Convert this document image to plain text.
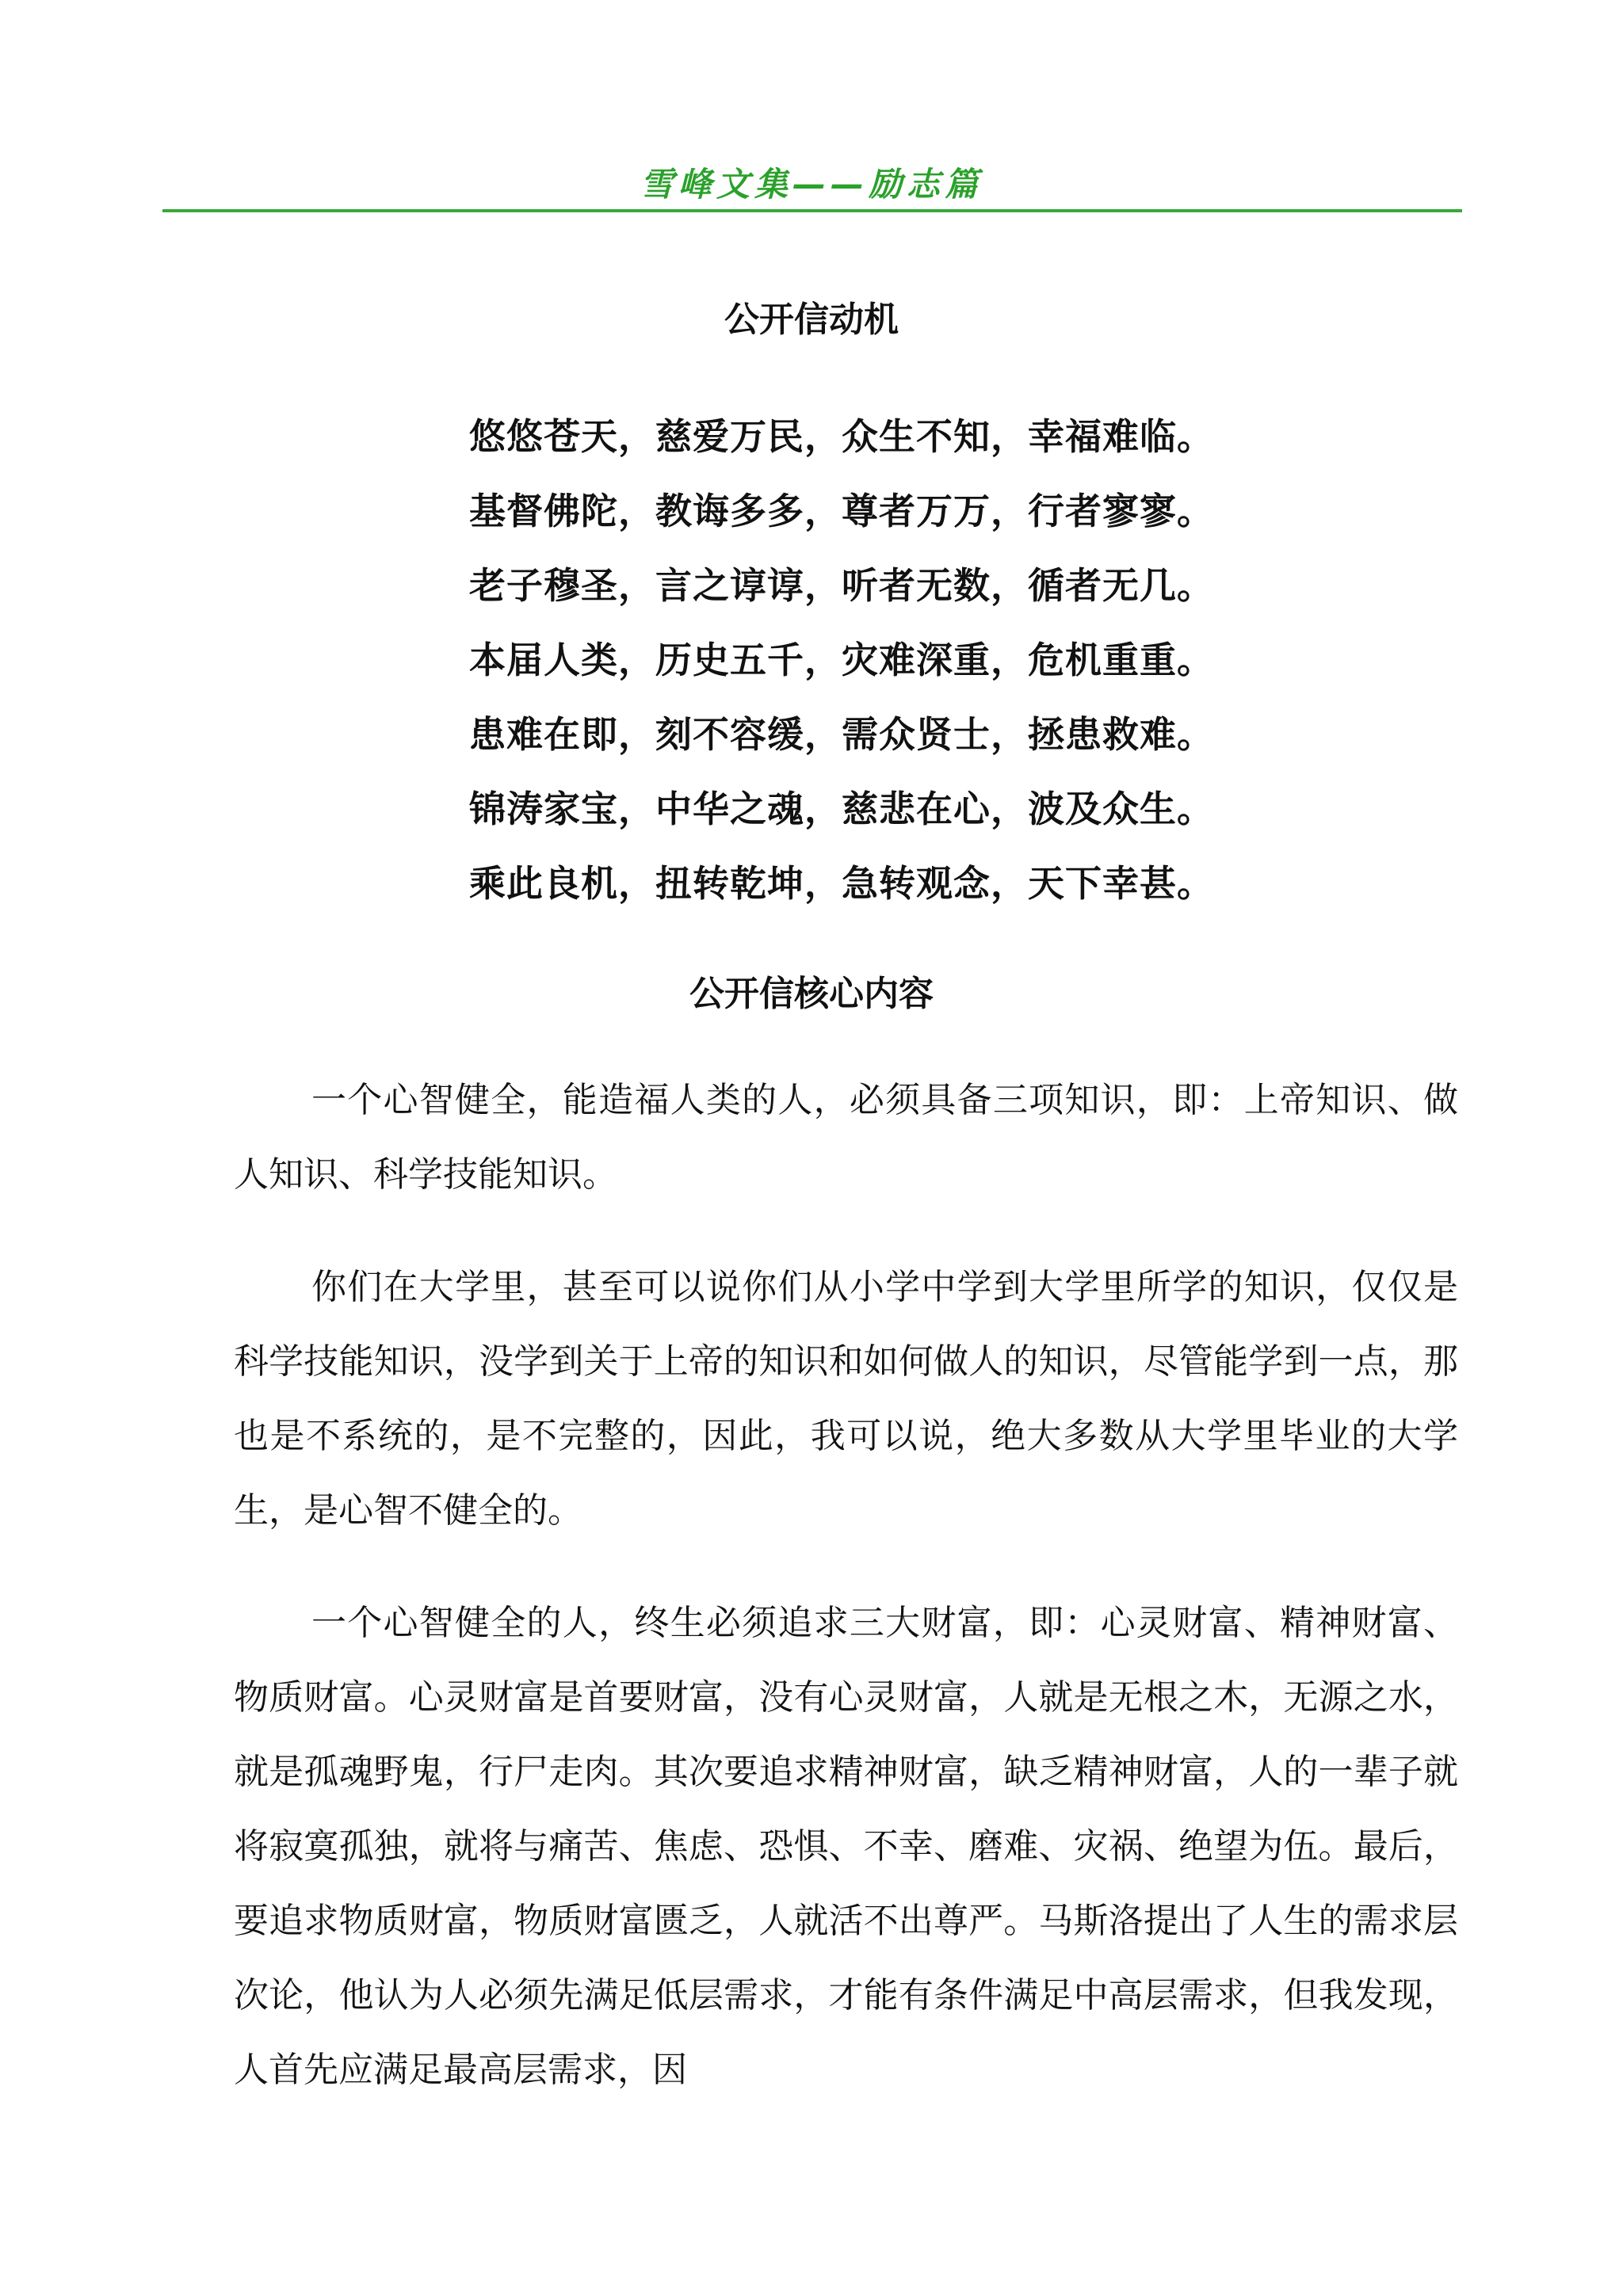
雪峰文集——励志篇
公开信动机
悠悠苍天，慈爱万民，众生不知，幸福难临。
基督佛陀，教诲多多，尊者万万，行者寥寥。
老子穆圣，言之谆谆，听者无数，循者无几。
本届人类，历史五千，灾难深重，危机重重。
患难在即，刻不容缓，需众贤士，拯患救难。
锦涛家宝，中华之魂，慈悲在心，波及众生。
乘此良机，扭转乾坤，急转观念，天下幸甚。
公开信核心内容
一个心智健全，能造福人类的人，必须具备三项知识，即：上帝知识、做人知识、科学技能知识。
你们在大学里，甚至可以说你们从小学中学到大学里所学的知识，仅仅是科学技能知识，没学到关于上帝的知识和如何做人的知识，尽管能学到一点，那也是不系统的，是不完整的，因此，我可以说，绝大多数从大学里毕业的大学生，是心智不健全的。
一个心智健全的人，终生必须追求三大财富，即：心灵财富、精神财富、物质财富。心灵财富是首要财富，没有心灵财富，人就是无根之木，无源之水，就是孤魂野鬼，行尸走肉。其次要追求精神财富，缺乏精神财富，人的一辈子就将寂寞孤独，就将与痛苦、焦虑、恐惧、不幸、磨难、灾祸、绝望为伍。最后，要追求物质财富，物质财富匮乏，人就活不出尊严。马斯洛提出了人生的需求层次论，他认为人必须先满足低层需求，才能有条件满足中高层需求，但我发现，人首先应满足最高层需求，因
